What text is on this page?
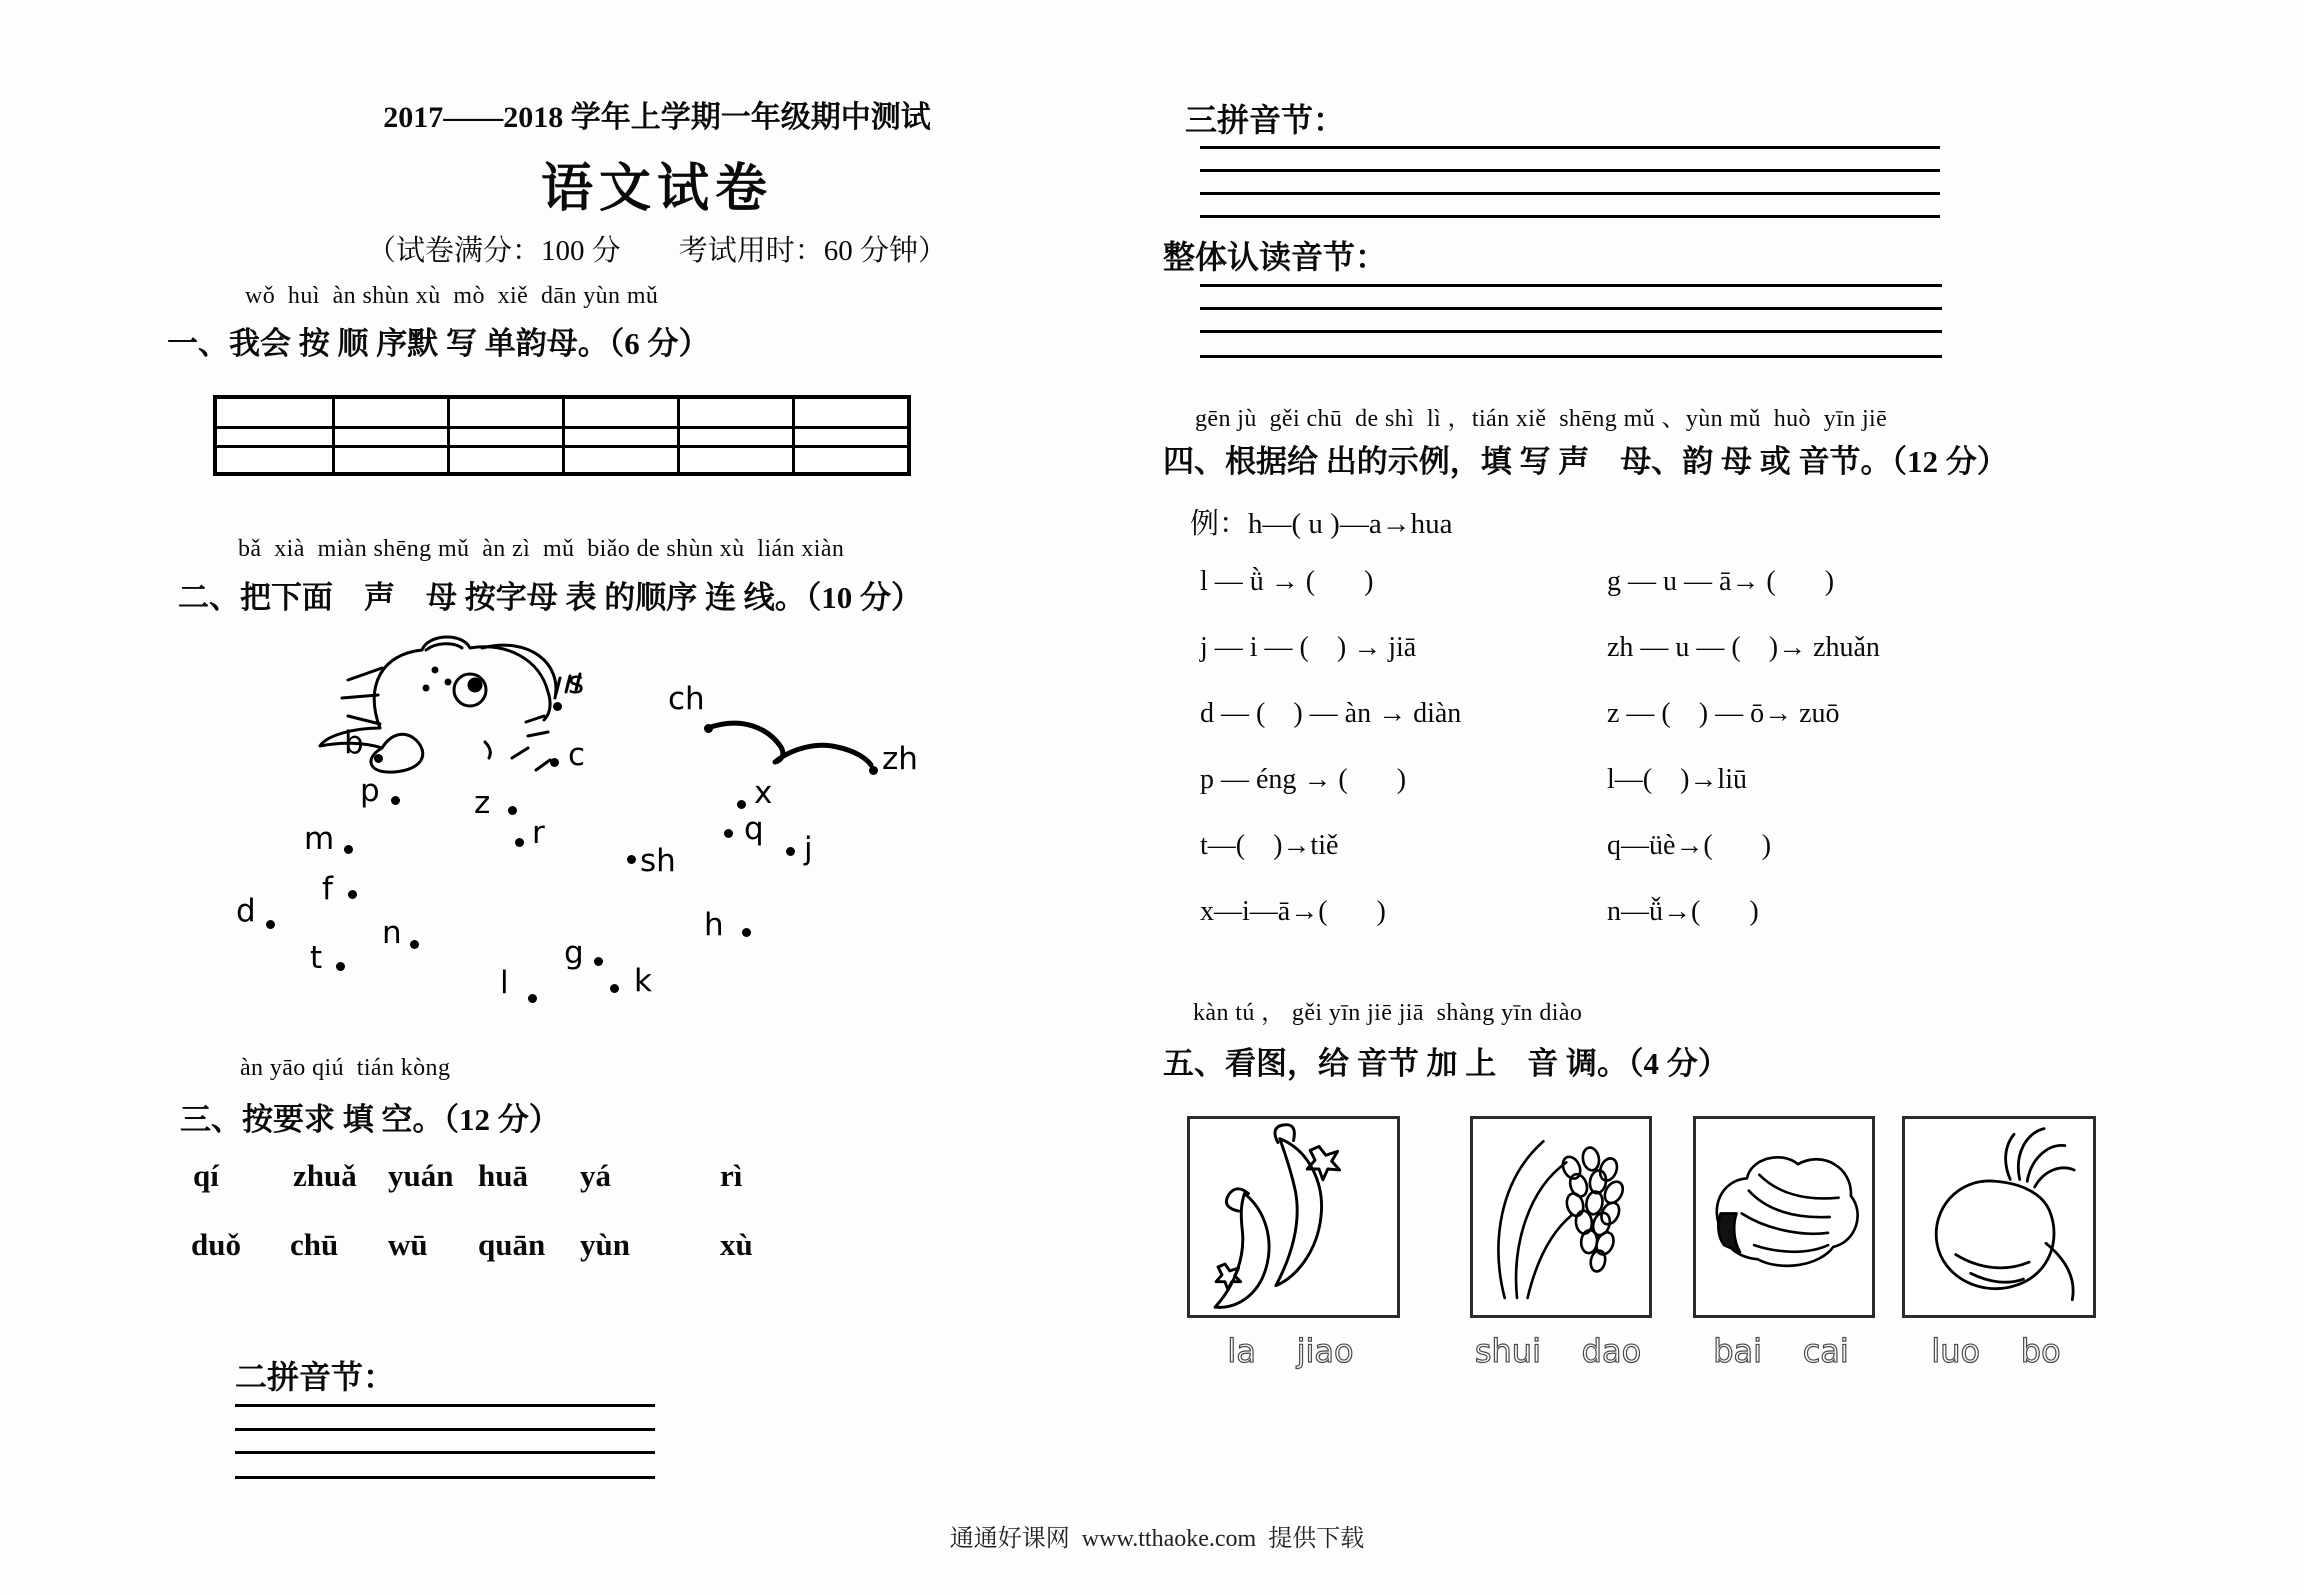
2017——2018 学年上学期一年级期中测试
语文试卷
（试卷满分：100 分        考试用时：60 分钟）
wǒ  huì  àn shùn xù  mò  xiě  dān yùn mǔ
一、我会 按 顺 序默 写 单韵母。（6 分）
bǎ  xià  miàn shēng mǔ  àn zì  mǔ  biǎo de shùn xù  lián xiàn
二、把下面　声　母 按字母 表 的顺序 连 线。（10 分）
s	ch
zh
b	c
p	z	x
m	r	q
j
sh
f
d	h
n
t	g
l	k
àn yāo qiú  tián kòng
三、按要求 填 空。（12 分）
qí zhuǎ yuán huā yá	rì
duǒ chū wū quān yùn	xù
二拼音节：
三拼音节：
整体认读音节：
gēn jù  gěi chū  de shì  lì ，tián xiě  shēng mǔ 、yùn mǔ  huò  yīn jiē
四、根据给 出的示例，填 写 声　母、韵 母 或 音节。（12 分）
例：h—( u )—a→hua
l — ǜ → (       )	g — u — ā→ (       )
j — i — (    ) → jiā	zh — u — (    )→ zhuǎn
d — (    ) — àn → diàn	z — (    ) — ō→ zuō
p — éng → (       )	l—(    )→liū
t—(    )→tiě	q—üè→(       )
x—i—ā→(       )	n—ǚ→(       )
kàn tú ， gěi yīn jiē jiā  shàng yīn diào
五、看图，给 音节 加 上　音 调。（4 分）
la    jiao	shui    dao bai    cai	luo    bo
通通好课网  www.tthaoke.com  提供下载
